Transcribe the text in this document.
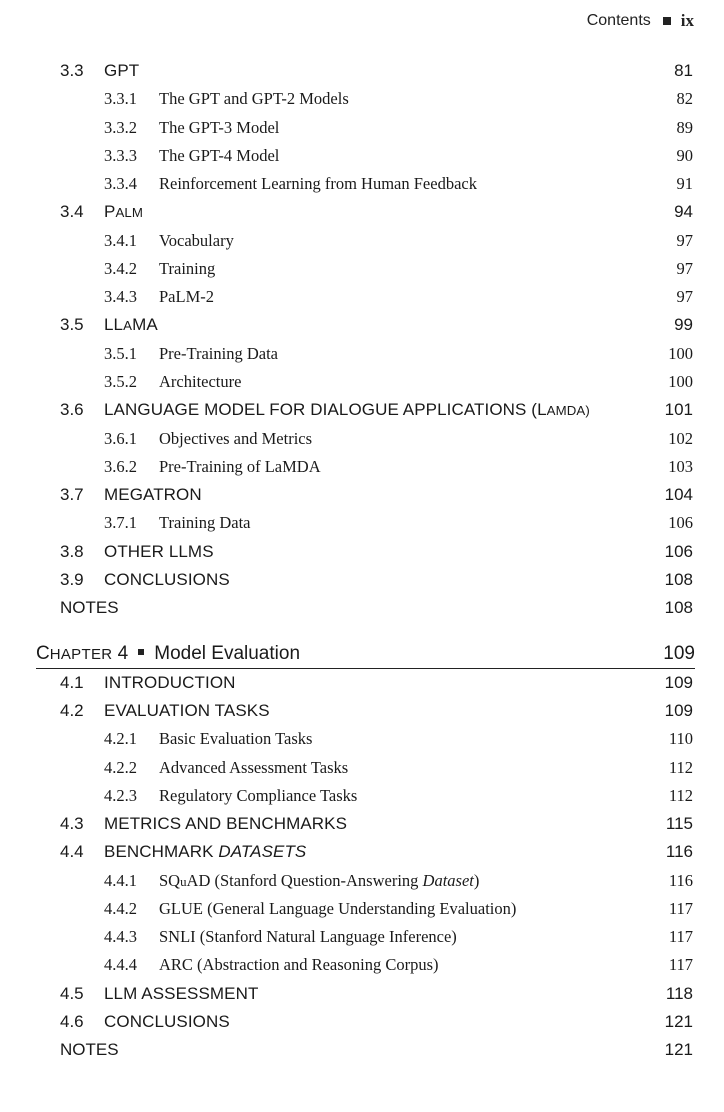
Contents ix
3.3 GPT	81
3.3.1 The GPT and GPT-2 Models	82
3.3.2 The GPT-3 Model	89
3.3.3 The GPT-4 Model	90
3.3.4 Reinforcement Learning from Human Feedback	91
3.4 PALM	94
3.4.1 Vocabulary	97
3.4.2 Training	97
3.4.3 PaLM-2	97
3.5 LLAMA	99
3.5.1 Pre-Training Data	100
3.5.2 Architecture	100
3.6 LANGUAGE MODEL FOR DIALOGUE APPLICATIONS (LAMDA)	101
3.6.1 Objectives and Metrics	102
3.6.2 Pre-Training of LaMDA	103
3.7 MEGATRON	104
3.7.1 Training Data	106
3.8 OTHER LLMS	106
3.9 CONCLUSIONS	108
NOTES	108
CHAPTER 4 Model Evaluation	109
4.1 INTRODUCTION	109
4.2 EVALUATION TASKS	109
4.2.1 Basic Evaluation Tasks	110
4.2.2 Advanced Assessment Tasks	112
4.2.3 Regulatory Compliance Tasks	112
4.3 METRICS AND BENCHMARKS	115
4.4 BENCHMARK DATASETS	116
4.4.1 SQuAD (Stanford Question-Answering Dataset)	116
4.4.2 GLUE (General Language Understanding Evaluation)	117
4.4.3 SNLI (Stanford Natural Language Inference)	117
4.4.4 ARC (Abstraction and Reasoning Corpus)	117
4.5 LLM ASSESSMENT	118
4.6 CONCLUSIONS	121
NOTES	121
